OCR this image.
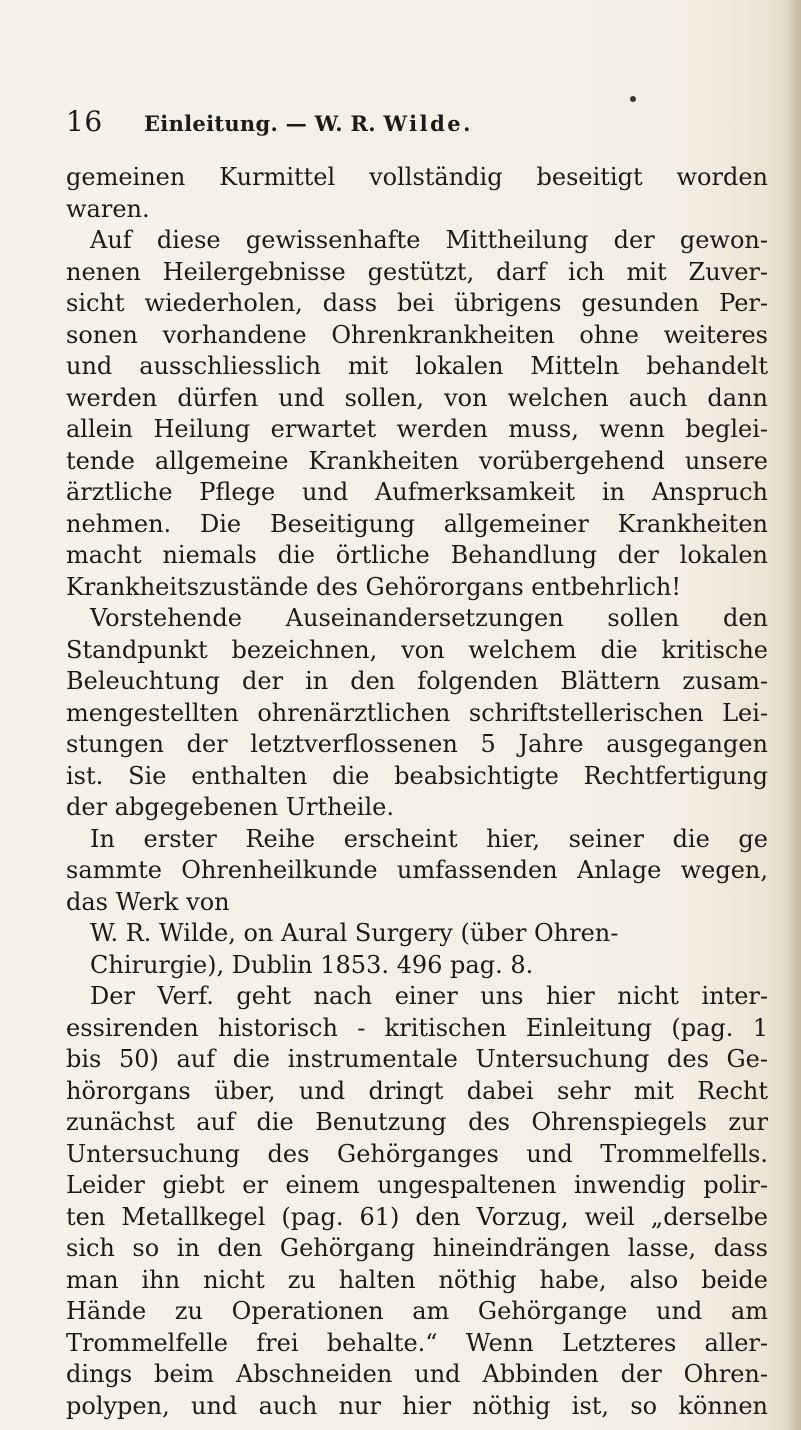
16 Einleitung. — W. R. Wilde.
gemeinen Kurmittel vollständig beseitigt worden
waren.
Auf diese gewissenhafte Mittheilung der gewon-
nenen Heilergebnisse gestützt, darf ich mit Zuver-
sicht wiederholen, dass bei übrigens gesunden Per-
sonen vorhandene Ohrenkrankheiten ohne weiteres
und ausschliesslich mit lokalen Mitteln behandelt
werden dürfen und sollen, von welchen auch dann
allein Heilung erwartet werden muss, wenn beglei-
tende allgemeine Krankheiten vorübergehend unsere
ärztliche Pflege und Aufmerksamkeit in Anspruch
nehmen. Die Beseitigung allgemeiner Krankheiten
macht niemals die örtliche Behandlung der lokalen
Krankheitszustände des Gehörorgans entbehrlich!
Vorstehende Auseinandersetzungen sollen den
Standpunkt bezeichnen, von welchem die kritische
Beleuchtung der in den folgenden Blättern zusam-
mengestellten ohrenärztlichen schriftstellerischen Lei-
stungen der letztverflossenen 5 Jahre ausgegangen
ist. Sie enthalten die beabsichtigte Rechtfertigung
der abgegebenen Urtheile.
In erster Reihe erscheint hier, seiner die ge
sammte Ohrenheilkunde umfassenden Anlage wegen,
das Werk von
W. R. Wilde, on Aural Surgery (über Ohren-
Chirurgie), Dublin 1853. 496 pag. 8.
Der Verf. geht nach einer uns hier nicht inter-
essirenden historisch - kritischen Einleitung (pag. 1
bis 50) auf die instrumentale Untersuchung des Ge-
hörorgans über, und dringt dabei sehr mit Recht
zunächst auf die Benutzung des Ohrenspiegels zur
Untersuchung des Gehörganges und Trommelfells.
Leider giebt er einem ungespaltenen inwendig polir-
ten Metallkegel (pag. 61) den Vorzug, weil „derselbe
sich so in den Gehörgang hineindrängen lasse, dass
man ihn nicht zu halten nöthig habe, also beide
Hände zu Operationen am Gehörgange und am
Trommelfelle frei behalte.“ Wenn Letzteres aller-
dings beim Abschneiden und Abbinden der Ohren-
polypen, und auch nur hier nöthig ist, so können
